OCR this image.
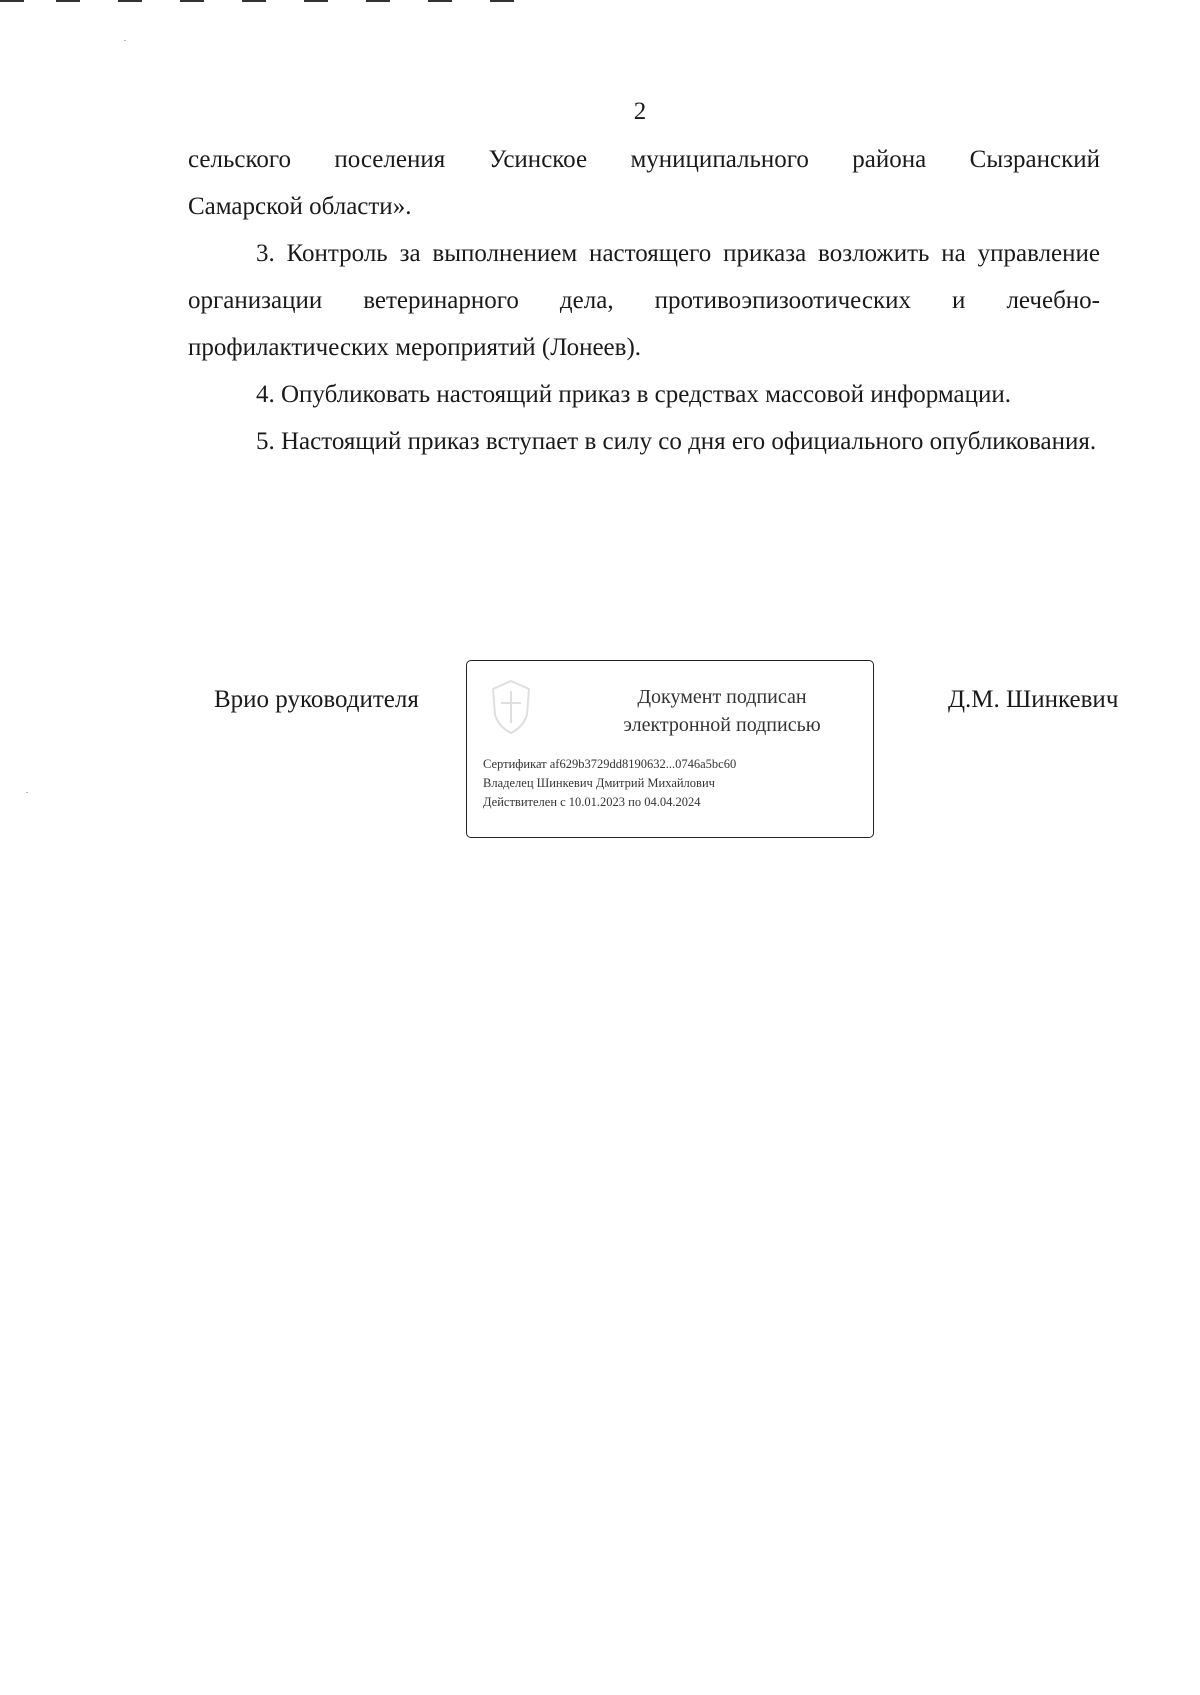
2

сельского поселения Усинское муниципального района Сызранский

Самарской области».

3. Контроль за выполнением настоящего приказа возложить на управление организации ветеринарного дела, противоэпизоотических и лечебно-профилактических мероприятий (Лонеев).

4. Опубликовать настоящий приказ в средствах массовой информации.

5. Настоящий приказ вступает в силу со дня его официального опубликования.

Врио руководителя	Документ подписан
электронной подписью
Сертификат af629b3729dd8190632...0746a5bc60
Владелец Шинкевич Дмитрий Михайлович
Действителен с 10.01.2023 по 04.04.2024
Д.М. Шинкевич
